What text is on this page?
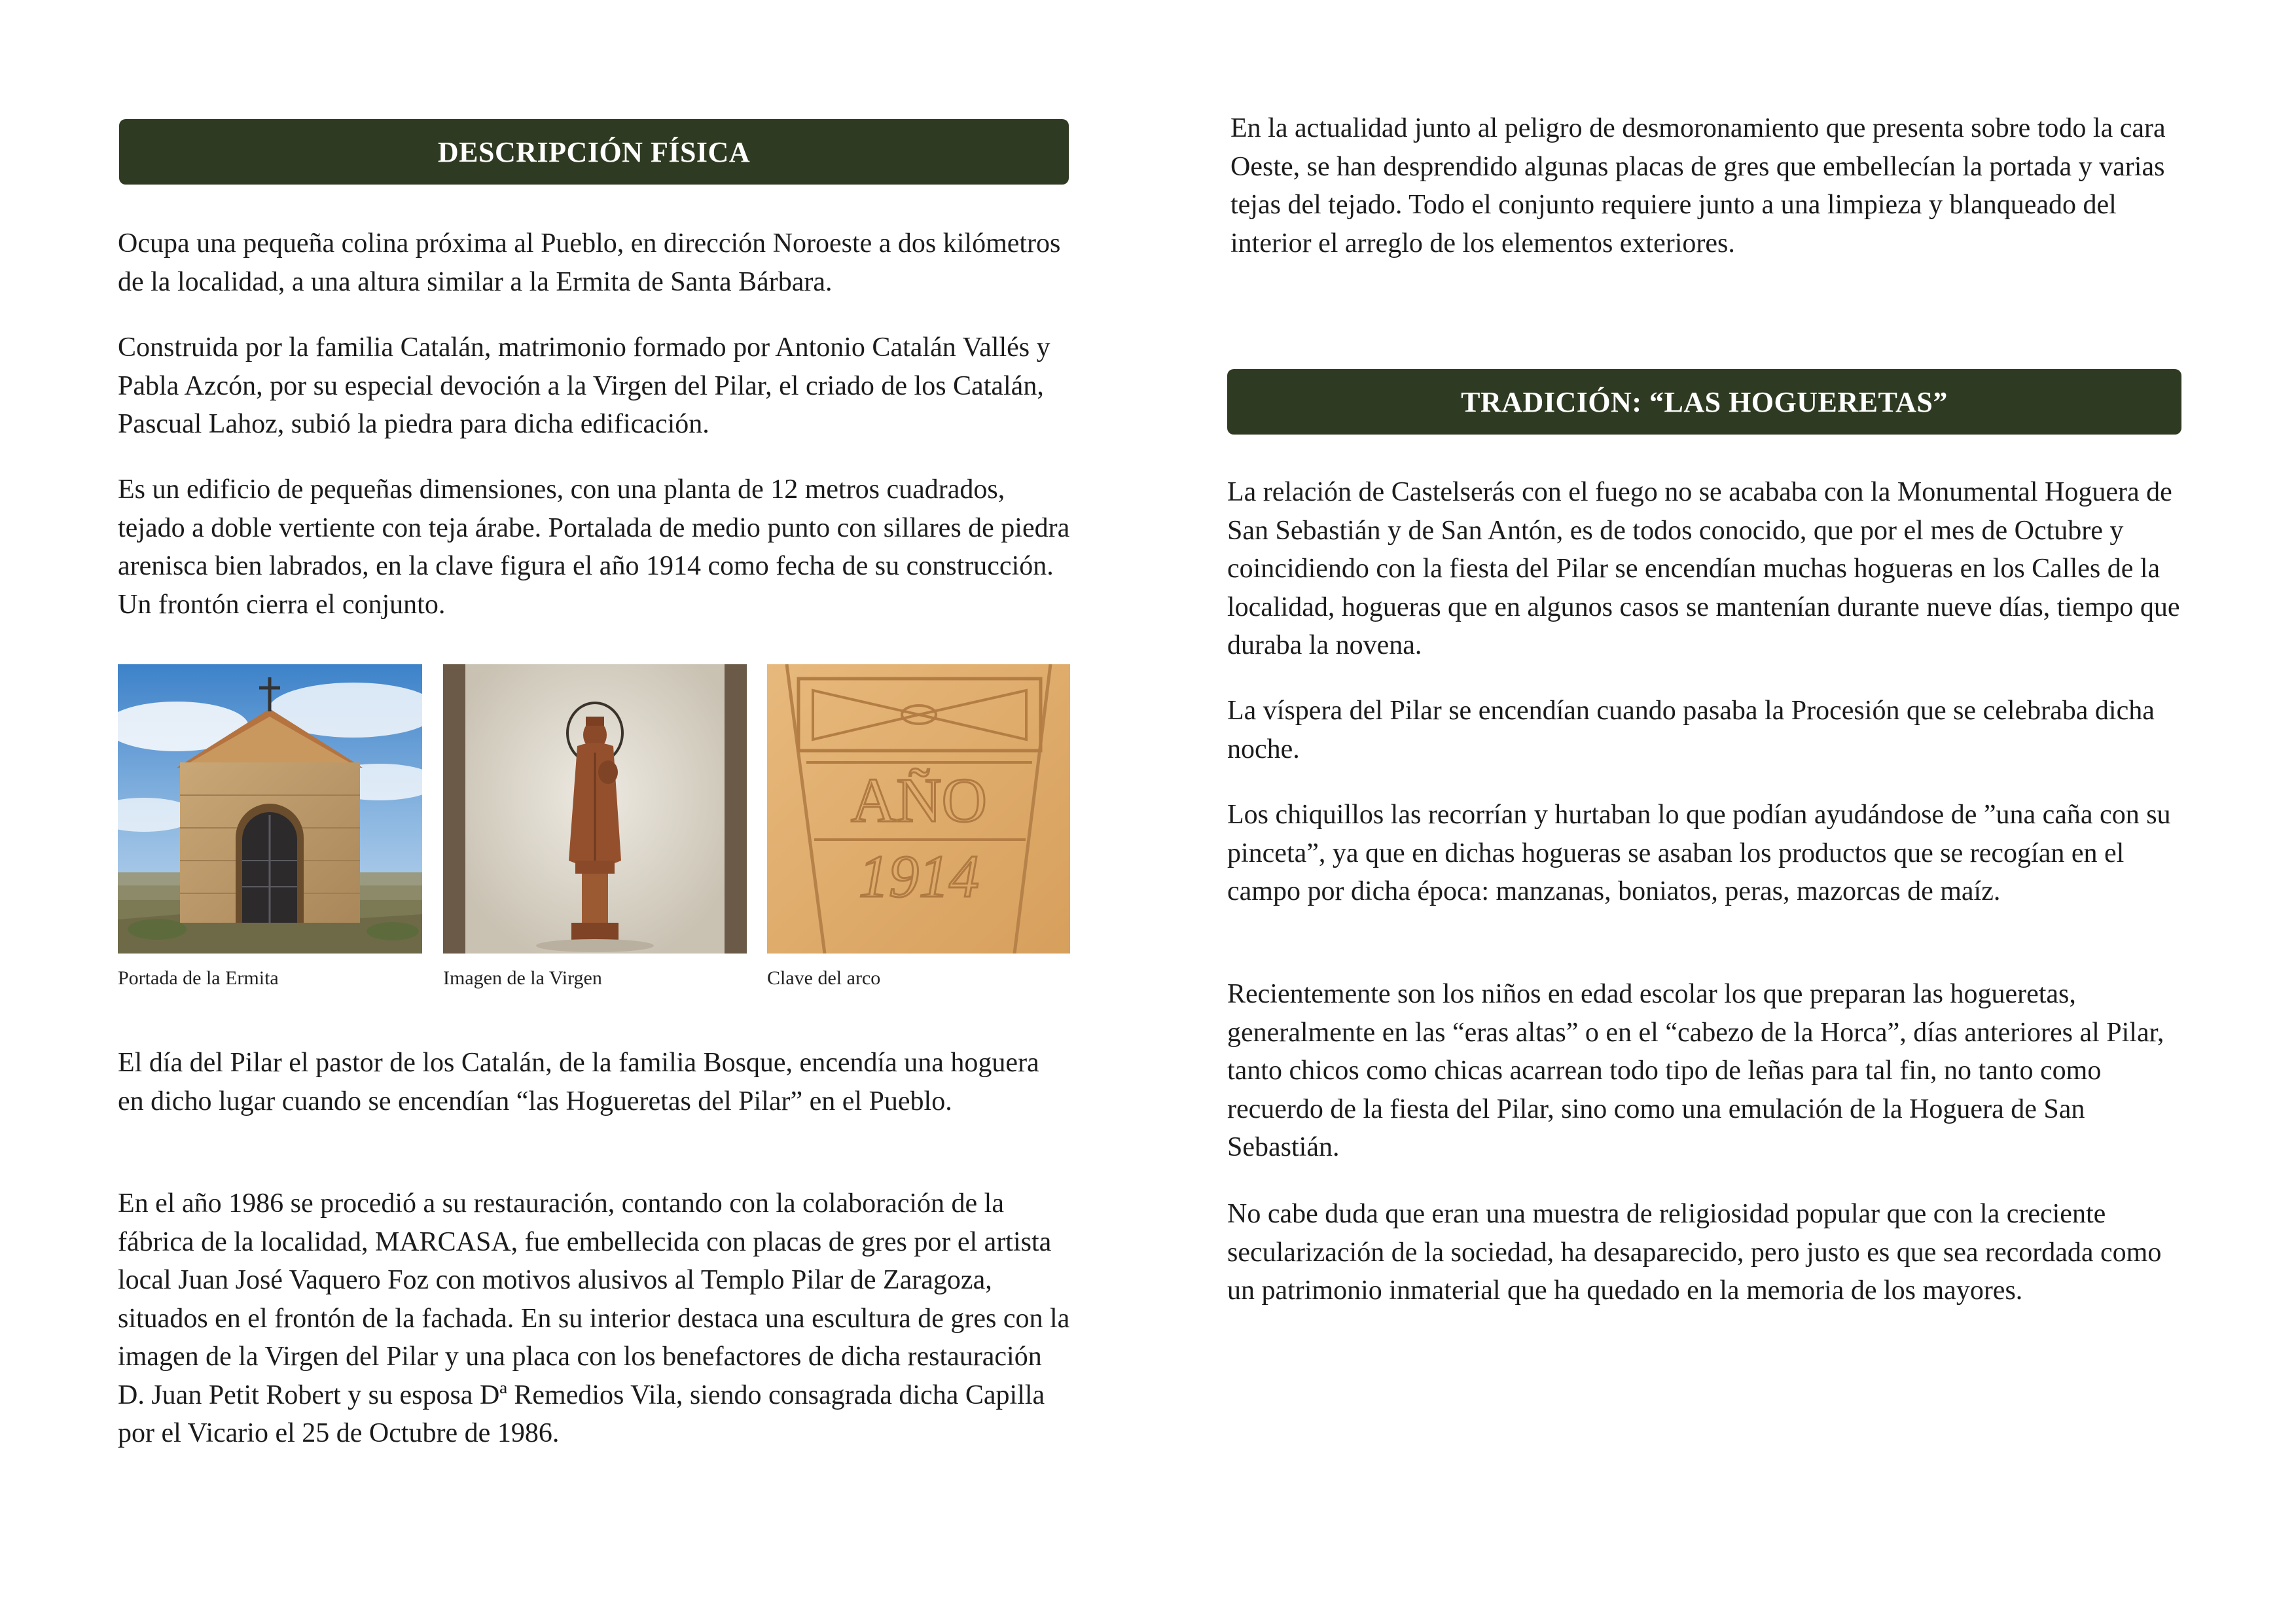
DESCRIPCIÓN FÍSICA

Ocupa una pequeña colina próxima al Pueblo, en dirección Noroeste a dos kilómetros de la localidad, a una altura similar a la Ermita de Santa Bárbara.

Construida por la familia Catalán, matrimonio formado por Antonio Catalán Vallés y Pabla Azcón, por su especial devoción a la Virgen del Pilar, el criado de los Catalán, Pascual Lahoz, subió la piedra para dicha edificación.

Es un edificio de pequeñas dimensiones, con una planta de 12 metros cuadrados, tejado a doble vertiente con teja árabe. Portalada de medio punto con sillares de piedra arenisca bien labrados, en la clave figura el año 1914 como fecha de su construcción. Un frontón cierra el conjunto.

Portada de la Ermita	Imagen de la Virgen
AÑO
1914
Clave del arco

El día del Pilar el pastor de los Catalán, de la familia Bosque, encendía una hoguera en dicho lugar cuando se encendían “las Hogueretas del Pilar” en el Pueblo.

En el año 1986 se procedió a su restauración, contando con la colaboración de la fábrica de la localidad, MARCASA, fue embellecida con placas de gres por el artista local Juan José Vaquero Foz con motivos alusivos al Templo Pilar de Zaragoza, situados en el frontón de la fachada. En su interior destaca una escultura de gres con la imagen de la Virgen del Pilar y una placa con los benefactores de dicha restauración D. Juan Petit Robert y su esposa Dª Remedios Vila, siendo consagrada dicha Capilla por el Vicario el 25 de Octubre de 1986.

En la actualidad junto al peligro de desmoronamiento que presenta sobre todo la cara Oeste, se han desprendido algunas placas de gres que embellecían la portada y varias tejas del tejado. Todo el conjunto requiere junto a una limpieza y blanqueado del interior el arreglo de los elementos exteriores.

TRADICIÓN: “LAS HOGUERETAS”

La relación de Castelserás con el fuego no se acababa con la Monumental Hoguera de San Sebastián y de San Antón, es de todos conocido, que por el mes de Octubre y coincidiendo con la fiesta del Pilar se encendían muchas hogueras en los Calles de la localidad, hogueras que en algunos casos se mantenían durante nueve días, tiempo que duraba la novena.

La víspera del Pilar se encendían cuando pasaba la Procesión que se celebraba dicha noche.

Los chiquillos las recorrían y hurtaban lo que podían ayudándose de ”una caña con su pinceta”, ya que en dichas hogueras se asaban los productos que se recogían en el campo por dicha época: manzanas, boniatos, peras, mazorcas de maíz.

Recientemente son los niños en edad escolar los que preparan las hogueretas, generalmente en las “eras altas” o en el “cabezo de la Horca”, días anteriores al Pilar, tanto chicos como chicas acarrean todo tipo de leñas para tal fin, no tanto como recuerdo de la fiesta del Pilar, sino como una emulación de la Hoguera de San Sebastián.

No cabe duda que eran una muestra de religiosidad popular que con la creciente secularización de la sociedad, ha desaparecido, pero justo es que sea recordada como un patrimonio inmaterial que ha quedado en la memoria de los mayores.
